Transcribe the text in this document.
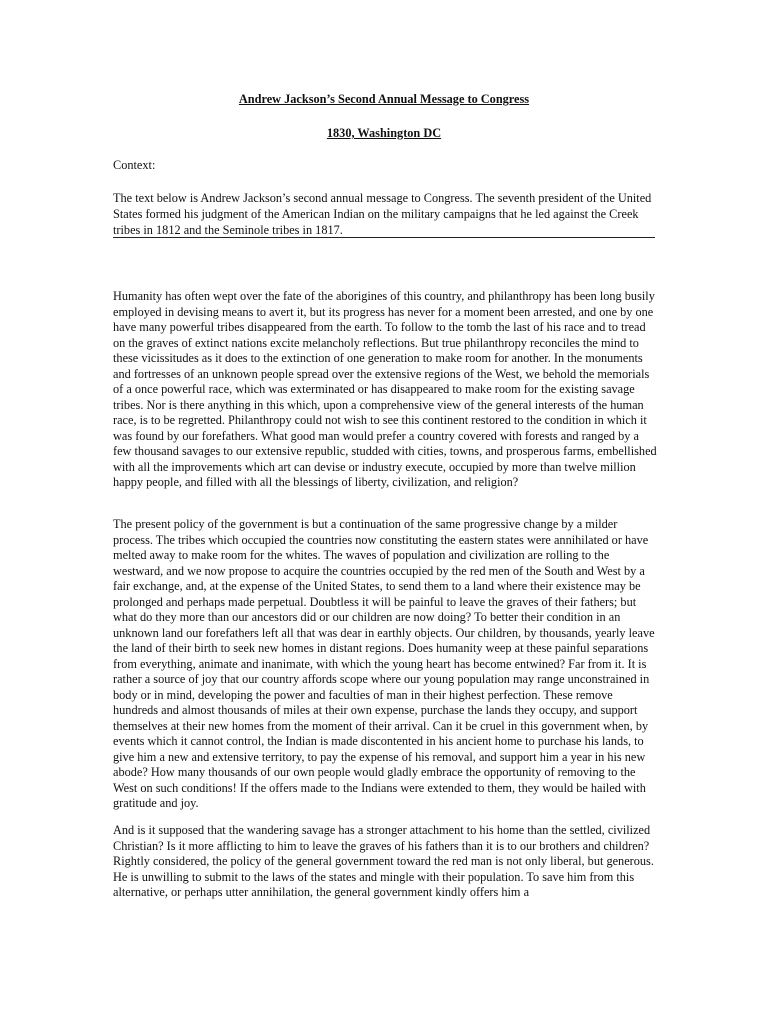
Andrew Jackson’s Second Annual Message to Congress
1830, Washington DC
Context:
The text below is Andrew Jackson’s second annual message to Congress. The seventh president of the United States formed his judgment of the American Indian on the military campaigns that he led against the Creek tribes in 1812 and the Seminole tribes in 1817.
Humanity has often wept over the fate of the aborigines of this country, and philanthropy has been long busily employed in devising means to avert it, but its progress has never for a moment been arrested, and one by one have many powerful tribes disappeared from the earth. To follow to the tomb the last of his race and to tread on the graves of extinct nations excite melancholy reflections. But true philanthropy reconciles the mind to these vicissitudes as it does to the extinction of one generation to make room for another. In the monuments and fortresses of an unknown people spread over the extensive regions of the West, we behold the memorials of a once powerful race, which was exterminated or has disappeared to make room for the existing savage tribes. Nor is there anything in this which, upon a comprehensive view of the general interests of the human race, is to be regretted. Philanthropy could not wish to see this continent restored to the condition in which it was found by our forefathers. What good man would prefer a country covered with forests and ranged by a few thousand savages to our extensive republic, studded with cities, towns, and prosperous farms, embellished with all the improvements which art can devise or industry execute, occupied by more than twelve million happy people, and filled with all the blessings of liberty, civilization, and religion?
The present policy of the government is but a continuation of the same progressive change by a milder process. The tribes which occupied the countries now constituting the eastern states were annihilated or have melted away to make room for the whites. The waves of population and civilization are rolling to the westward, and we now propose to acquire the countries occupied by the red men of the South and West by a fair exchange, and, at the expense of the United States, to send them to a land where their existence may be prolonged and perhaps made perpetual. Doubtless it will be painful to leave the graves of their fathers; but what do they more than our ancestors did or our children are now doing? To better their condition in an unknown land our forefathers left all that was dear in earthly objects. Our children, by thousands, yearly leave the land of their birth to seek new homes in distant regions. Does humanity weep at these painful separations from everything, animate and inanimate, with which the young heart has become entwined? Far from it. It is rather a source of joy that our country affords scope where our young population may range unconstrained in body or in mind, developing the power and faculties of man in their highest perfection. These remove hundreds and almost thousands of miles at their own expense, purchase the lands they occupy, and support themselves at their new homes from the moment of their arrival. Can it be cruel in this government when, by events which it cannot control, the Indian is made discontented in his ancient home to purchase his lands, to give him a new and extensive territory, to pay the expense of his removal, and support him a year in his new abode? How many thousands of our own people would gladly embrace the opportunity of removing to the West on such conditions! If the offers made to the Indians were extended to them, they would be hailed with gratitude and joy.
And is it supposed that the wandering savage has a stronger attachment to his home than the settled, civilized Christian? Is it more afflicting to him to leave the graves of his fathers than it is to our brothers and children? Rightly considered, the policy of the general government toward the red man is not only liberal, but generous. He is unwilling to submit to the laws of the states and mingle with their population. To save him from this alternative, or perhaps utter annihilation, the general government kindly offers him a
